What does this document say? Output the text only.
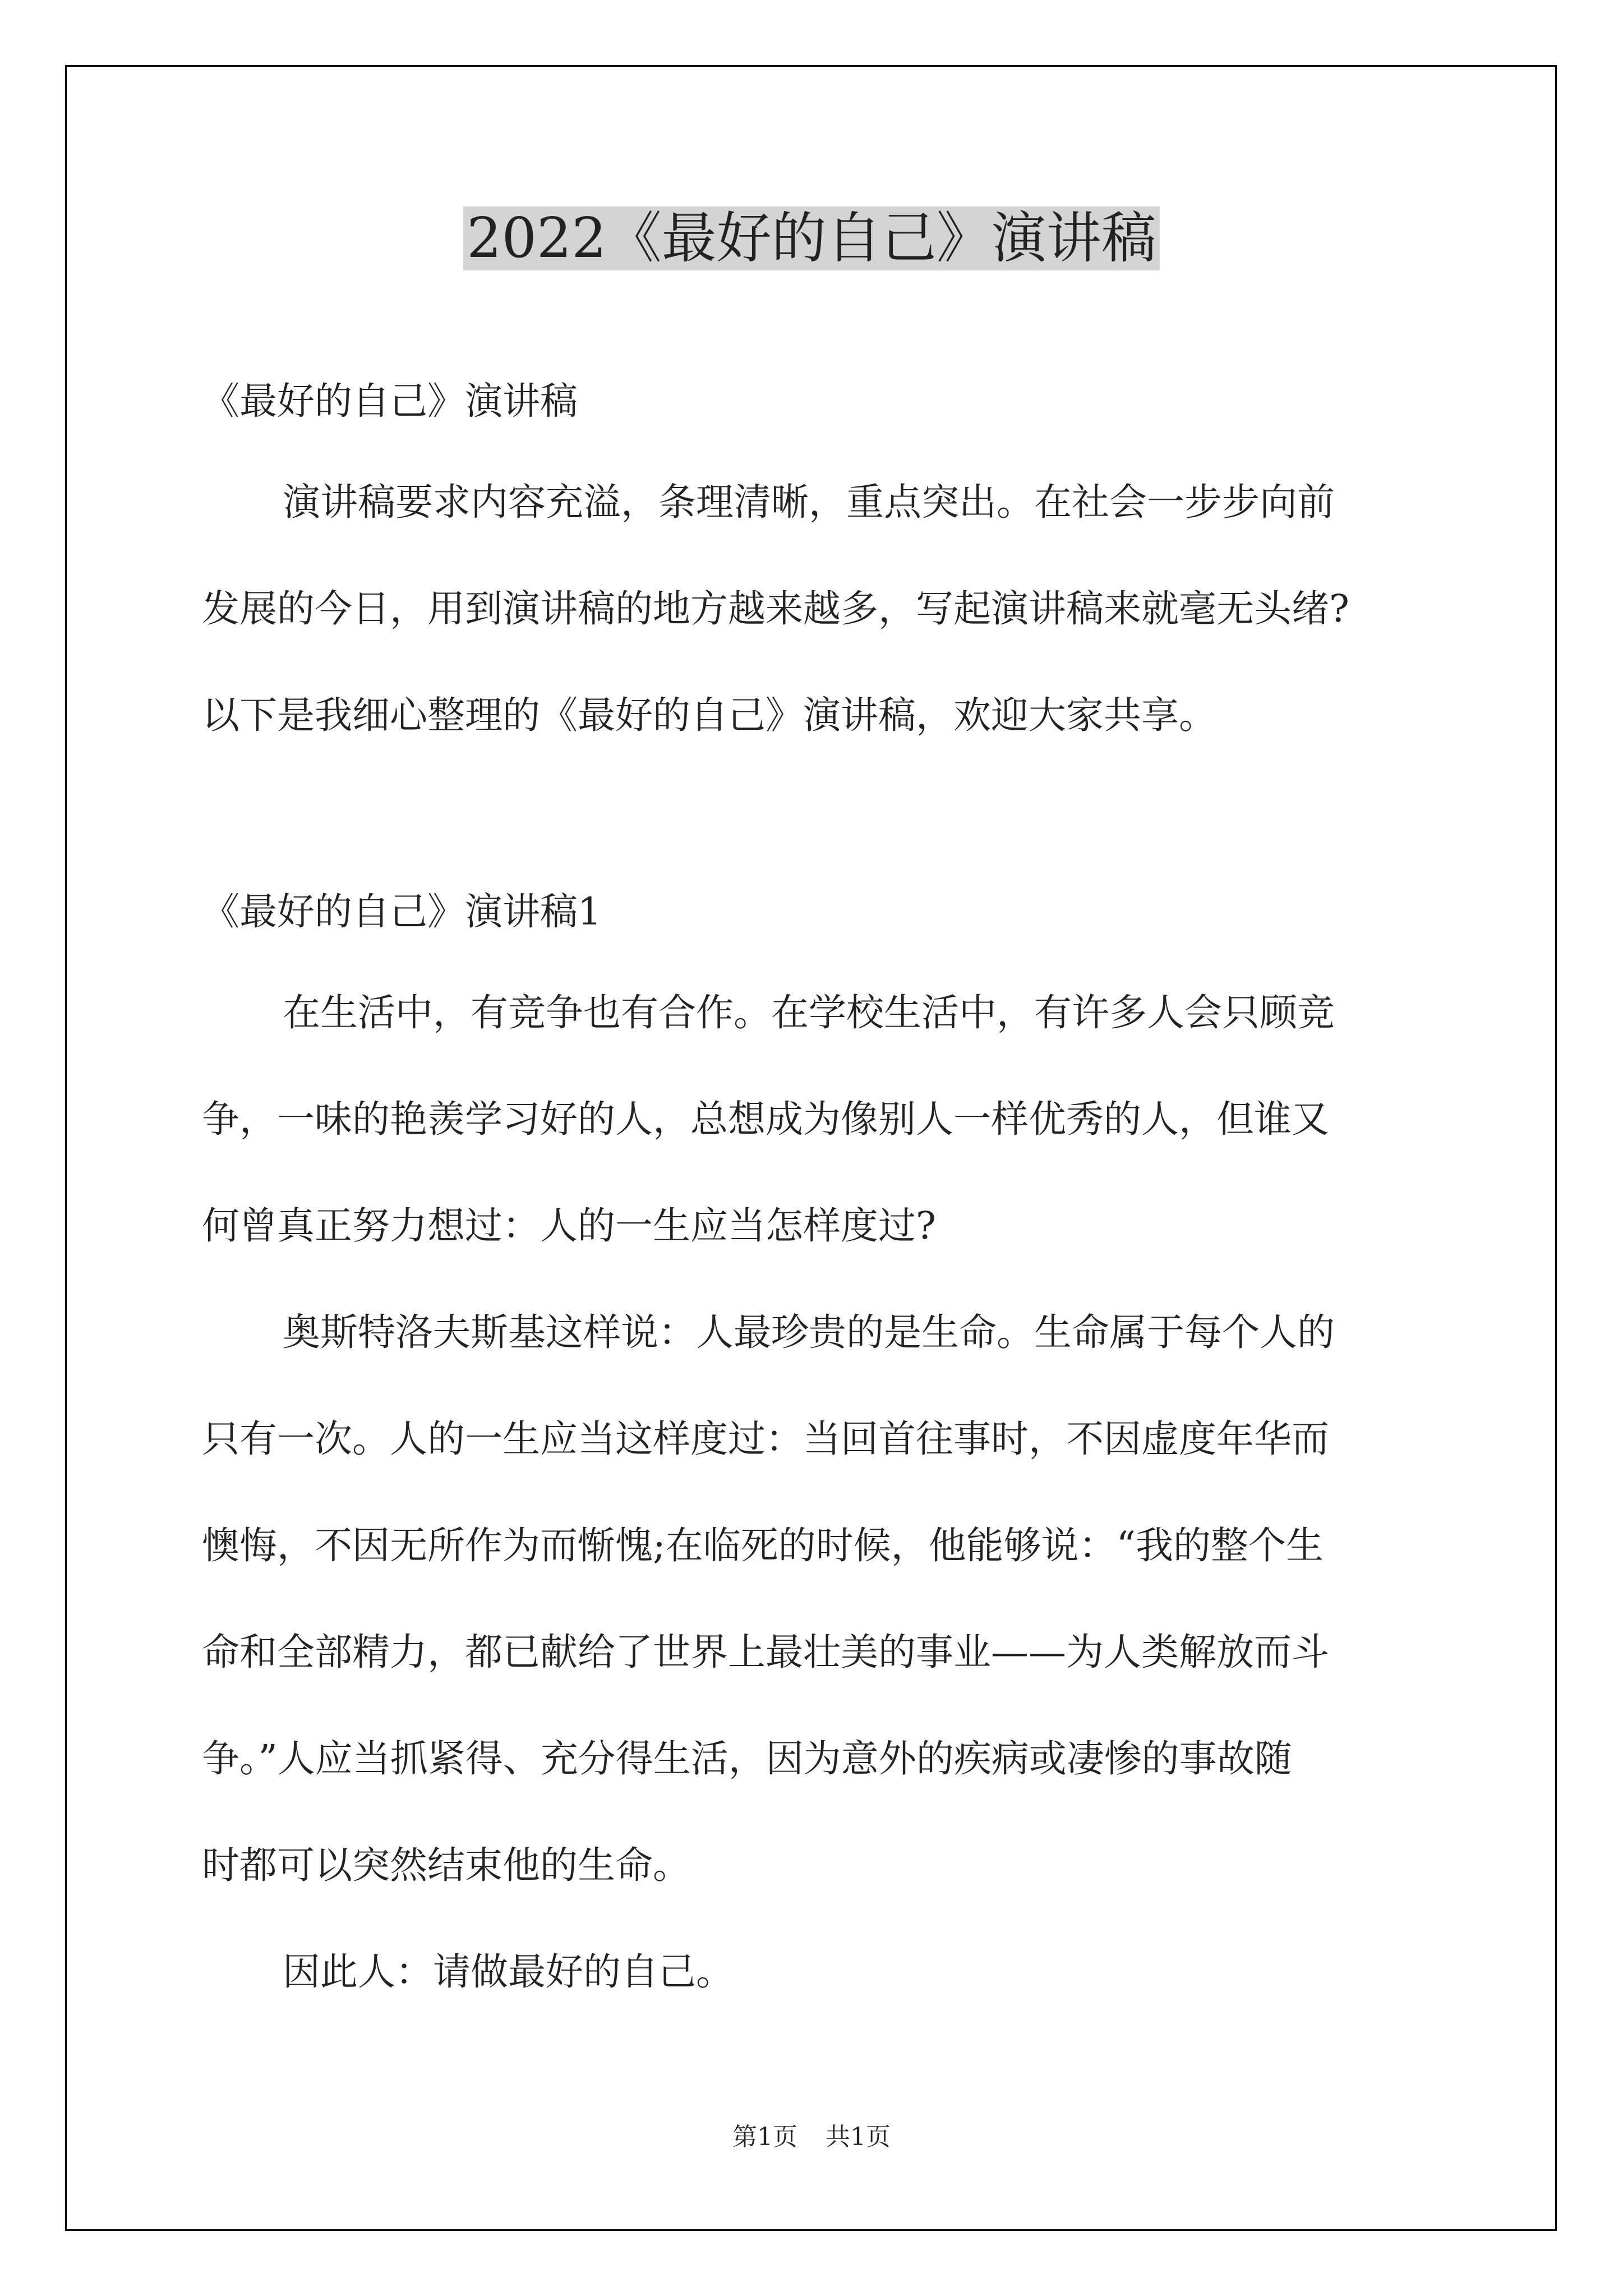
2022《最好的自己》演讲稿
《最好的自己》演讲稿
演讲稿要求内容充溢，条理清晰，重点突出。在社会一步步向前
发展的今日，用到演讲稿的地方越来越多，写起演讲稿来就毫无头绪?
以下是我细心整理的《最好的自己》演讲稿，欢迎大家共享。
《最好的自己》演讲稿1
在生活中，有竞争也有合作。在学校生活中，有许多人会只顾竞
争，一味的艳羡学习好的人，总想成为像别人一样优秀的人，但谁又
何曾真正努力想过：人的一生应当怎样度过?
奥斯特洛夫斯基这样说：人最珍贵的是生命。生命属于每个人的
只有一次。人的一生应当这样度过：当回首往事时，不因虚度年华而
懊悔，不因无所作为而惭愧;在临死的时候，他能够说：“我的整个生
命和全部精力，都已献给了世界上最壮美的事业——为人类解放而斗
争。”人应当抓紧得、充分得生活，因为意外的疾病或凄惨的事故随
时都可以突然结束他的生命。
因此人：请做最好的自己。
第1页 共1页
